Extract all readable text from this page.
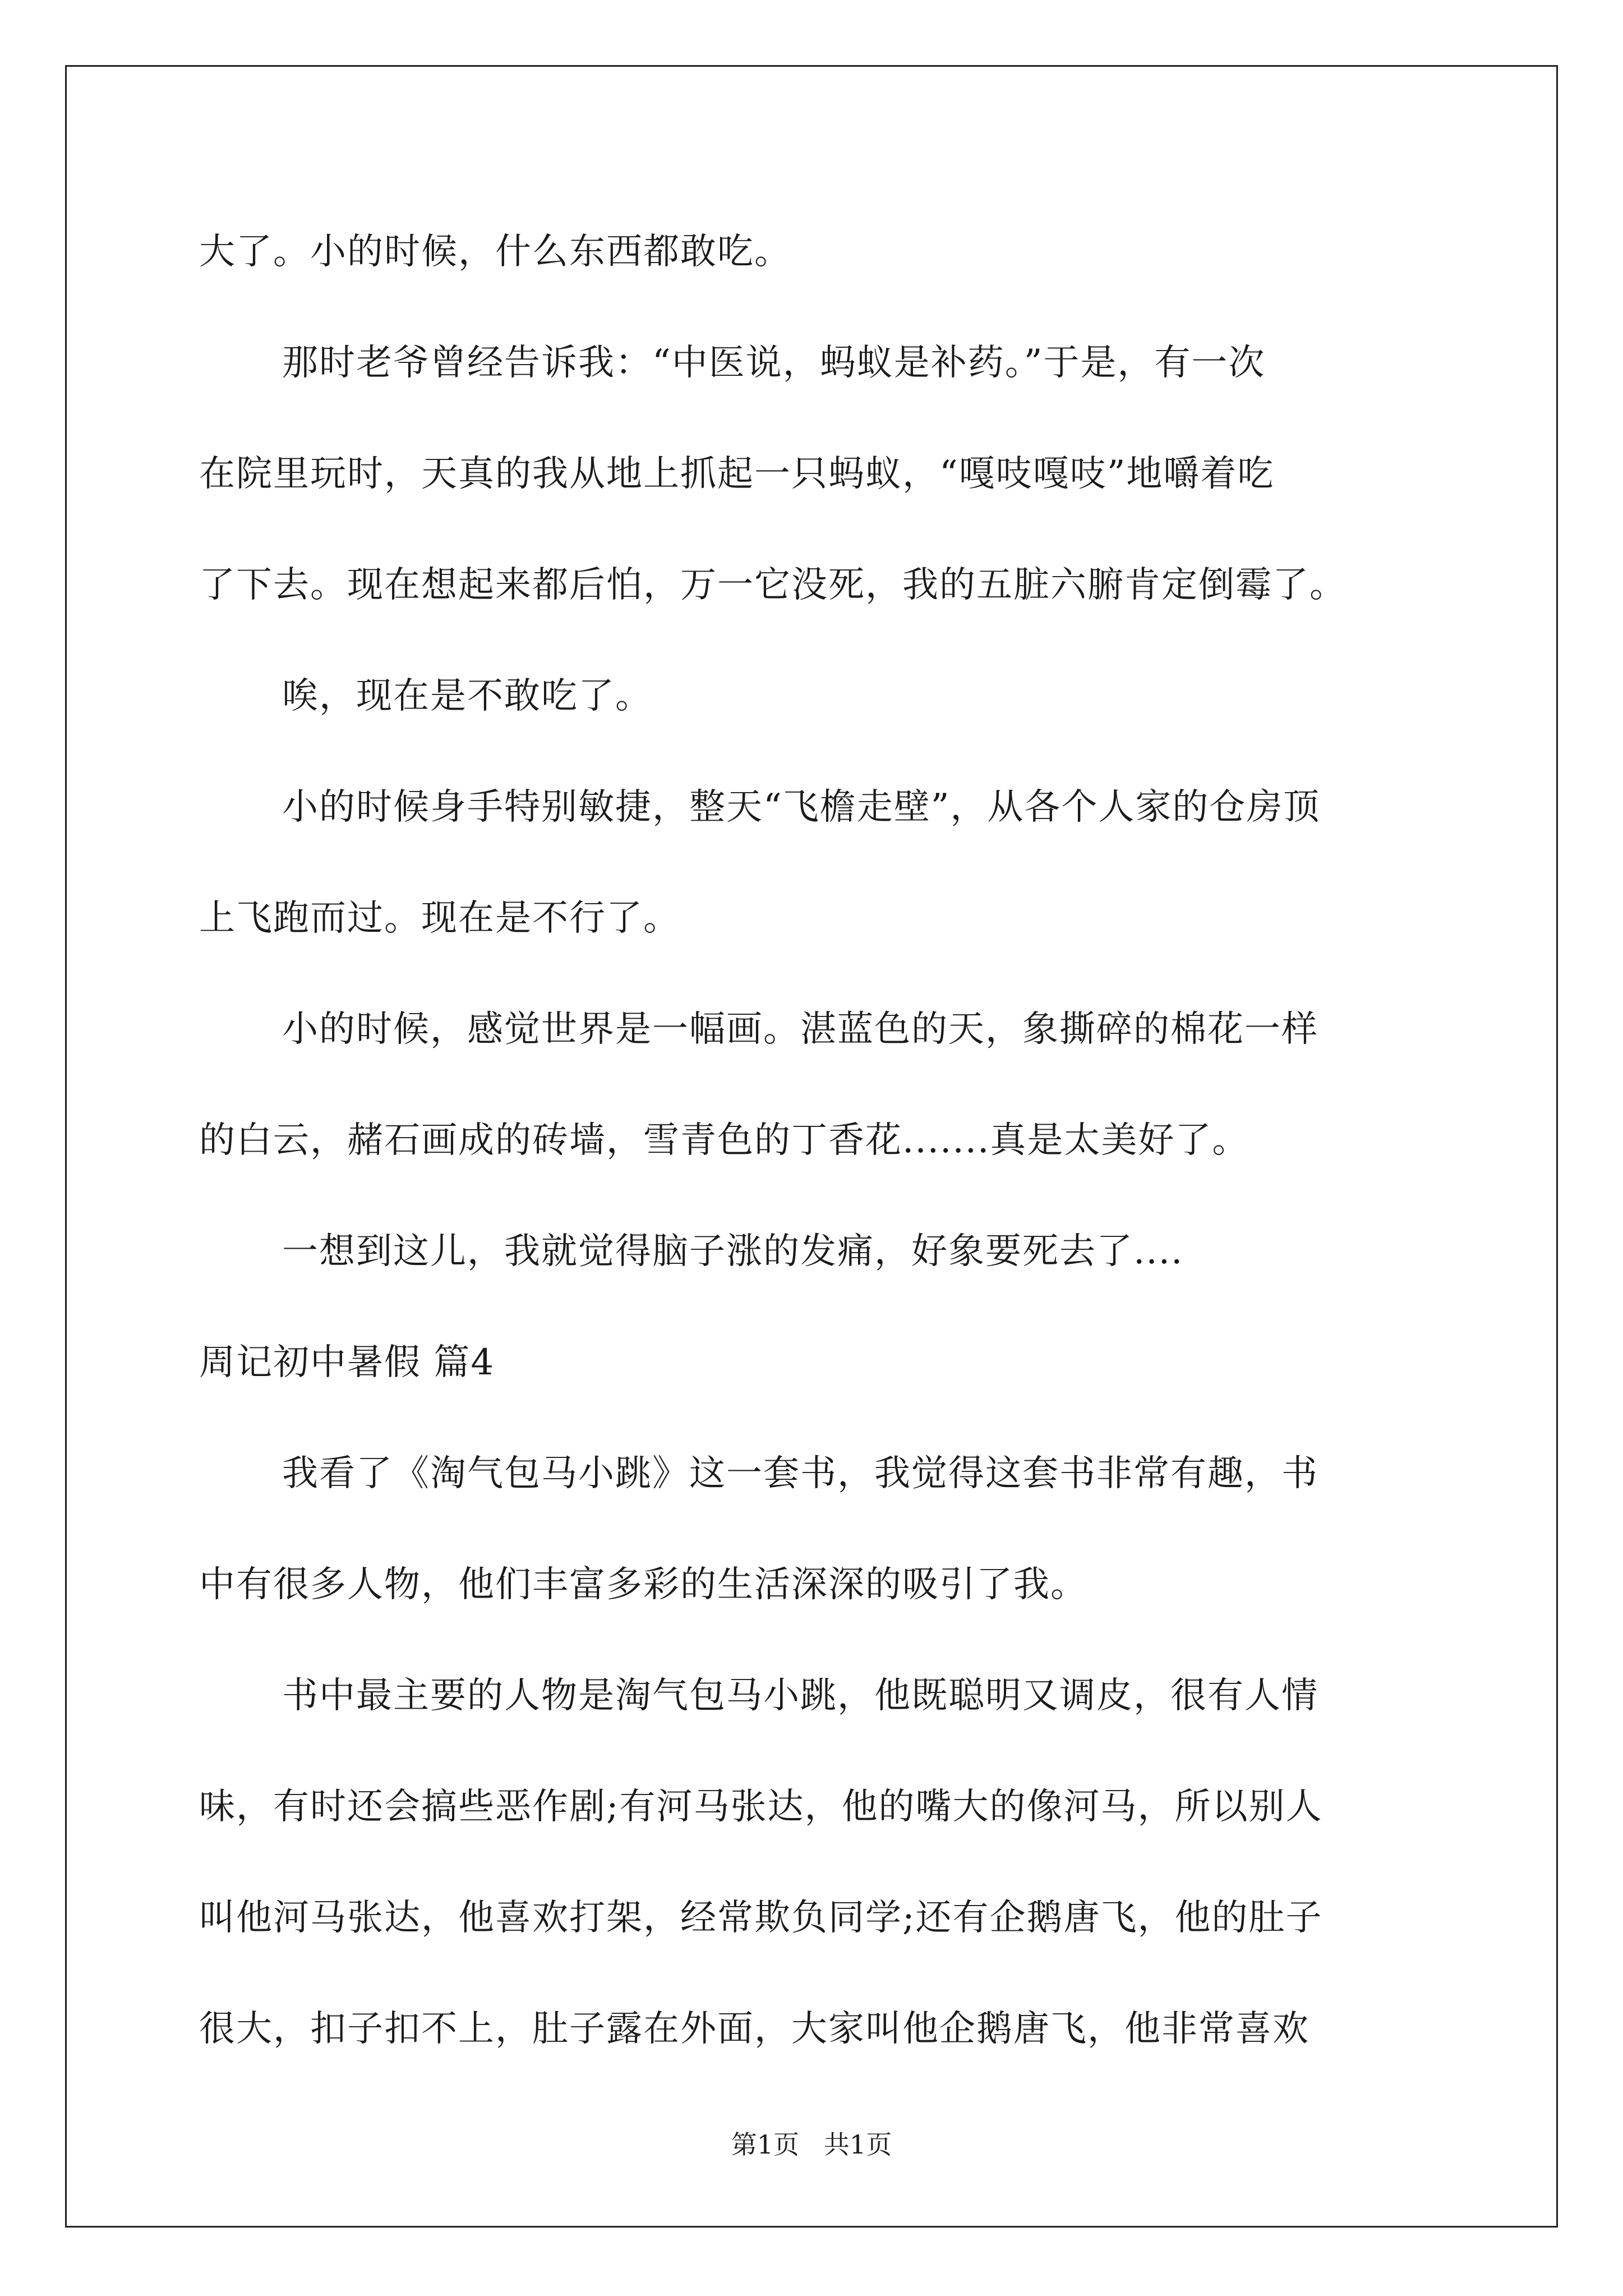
大了。小的时候，什么东西都敢吃。
那时老爷曾经告诉我：“中医说，蚂蚁是补药。”于是，有一次
在院里玩时，天真的我从地上抓起一只蚂蚁，“嘎吱嘎吱”地嚼着吃
了下去。现在想起来都后怕，万一它没死，我的五脏六腑肯定倒霉了。
唉，现在是不敢吃了。
小的时候身手特别敏捷，整天“飞檐走壁”，从各个人家的仓房顶
上飞跑而过。现在是不行了。
小的时候，感觉世界是一幅画。湛蓝色的天，象撕碎的棉花一样
的白云，赭石画成的砖墙，雪青色的丁香花.......真是太美好了。
一想到这儿，我就觉得脑子涨的发痛，好象要死去了....
周记初中暑假 篇4
我看了《淘气包马小跳》这一套书，我觉得这套书非常有趣，书
中有很多人物，他们丰富多彩的生活深深的吸引了我。
书中最主要的人物是淘气包马小跳，他既聪明又调皮，很有人情
味，有时还会搞些恶作剧;有河马张达，他的嘴大的像河马，所以别人
叫他河马张达，他喜欢打架，经常欺负同学;还有企鹅唐飞，他的肚子
很大，扣子扣不上，肚子露在外面，大家叫他企鹅唐飞，他非常喜欢
第1页   共1页
